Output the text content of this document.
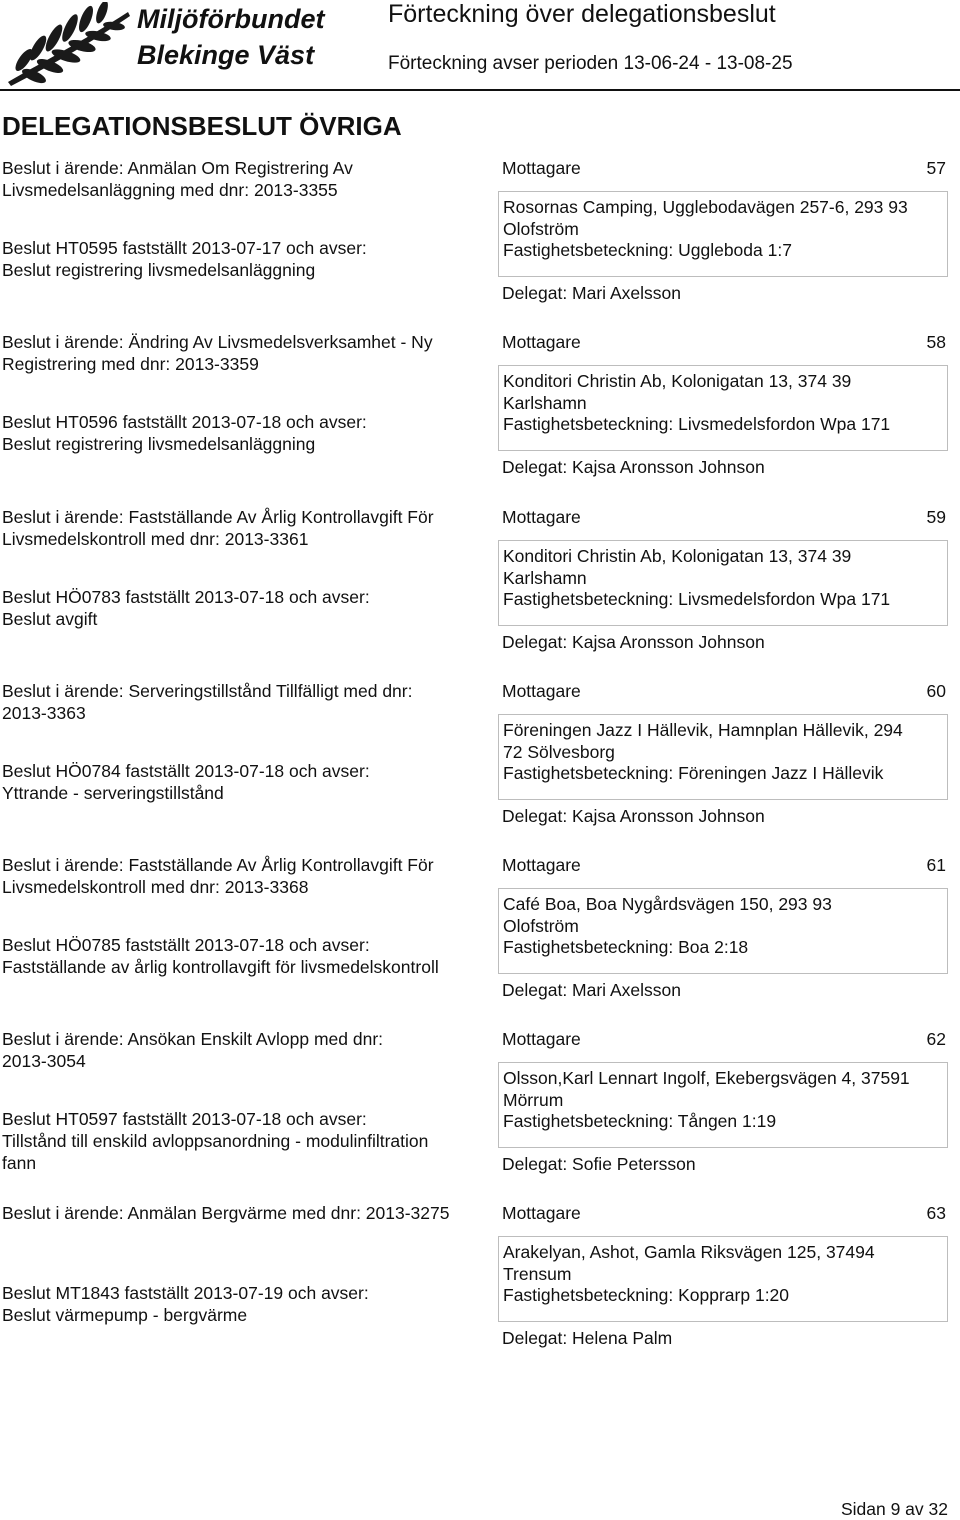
Miljöförbundet
Blekinge Väst
Förteckning över delegationsbeslut
Förteckning avser perioden 13-06-24 - 13-08-25
DELEGATIONSBESLUT ÖVRIGA
Beslut i ärende: Anmälan Om Registrering Av
Livsmedelsanläggning med dnr: 2013-3355
Beslut HT0595 fastställt 2013-07-17 och avser:
Beslut registrering livsmedelsanläggning
Mottagare	57
Rosornas Camping, Ugglebodavägen 257-6, 293 93
Olofström
Fastighetsbeteckning: Uggleboda 1:7
Delegat: Mari Axelsson
Beslut i ärende: Ändring Av Livsmedelsverksamhet - Ny
Registrering med dnr: 2013-3359
Beslut HT0596 fastställt 2013-07-18 och avser:
Beslut registrering livsmedelsanläggning
Mottagare	58
Konditori Christin Ab, Kolonigatan 13, 374 39
Karlshamn
Fastighetsbeteckning: Livsmedelsfordon Wpa 171
Delegat: Kajsa Aronsson Johnson
Beslut i ärende: Fastställande Av Årlig Kontrollavgift För
Livsmedelskontroll med dnr: 2013-3361
Beslut HÖ0783 fastställt 2013-07-18 och avser:
Beslut avgift
Mottagare	59
Konditori Christin Ab, Kolonigatan 13, 374 39
Karlshamn
Fastighetsbeteckning: Livsmedelsfordon Wpa 171
Delegat: Kajsa Aronsson Johnson
Beslut i ärende: Serveringstillstånd Tillfälligt med dnr:
2013-3363
Beslut HÖ0784 fastställt 2013-07-18 och avser:
Yttrande - serveringstillstånd
Mottagare	60
Föreningen Jazz I Hällevik, Hamnplan Hällevik, 294
72 Sölvesborg
Fastighetsbeteckning: Föreningen Jazz I Hällevik
Delegat: Kajsa Aronsson Johnson
Beslut i ärende: Fastställande Av Årlig Kontrollavgift För
Livsmedelskontroll med dnr: 2013-3368
Beslut HÖ0785 fastställt 2013-07-18 och avser:
Fastställande av årlig kontrollavgift för livsmedelskontroll
Mottagare	61
Café Boa, Boa Nygårdsvägen 150, 293 93
Olofström
Fastighetsbeteckning: Boa 2:18
Delegat: Mari Axelsson
Beslut i ärende: Ansökan Enskilt Avlopp med dnr:
2013-3054
Beslut HT0597 fastställt 2013-07-18 och avser:
Tillstånd till enskild avloppsanordning - modulinfiltration
fann
Mottagare	62
Olsson,Karl Lennart Ingolf, Ekebergsvägen 4, 37591
Mörrum
Fastighetsbeteckning: Tången 1:19
Delegat: Sofie Petersson
Beslut i ärende: Anmälan Bergvärme med dnr: 2013-3275
Beslut MT1843 fastställt 2013-07-19 och avser:
Beslut värmepump - bergvärme
Mottagare	63
Arakelyan, Ashot, Gamla Riksvägen 125, 37494
Trensum
Fastighetsbeteckning: Kopprarp 1:20
Delegat: Helena Palm
Sidan 9 av 32
